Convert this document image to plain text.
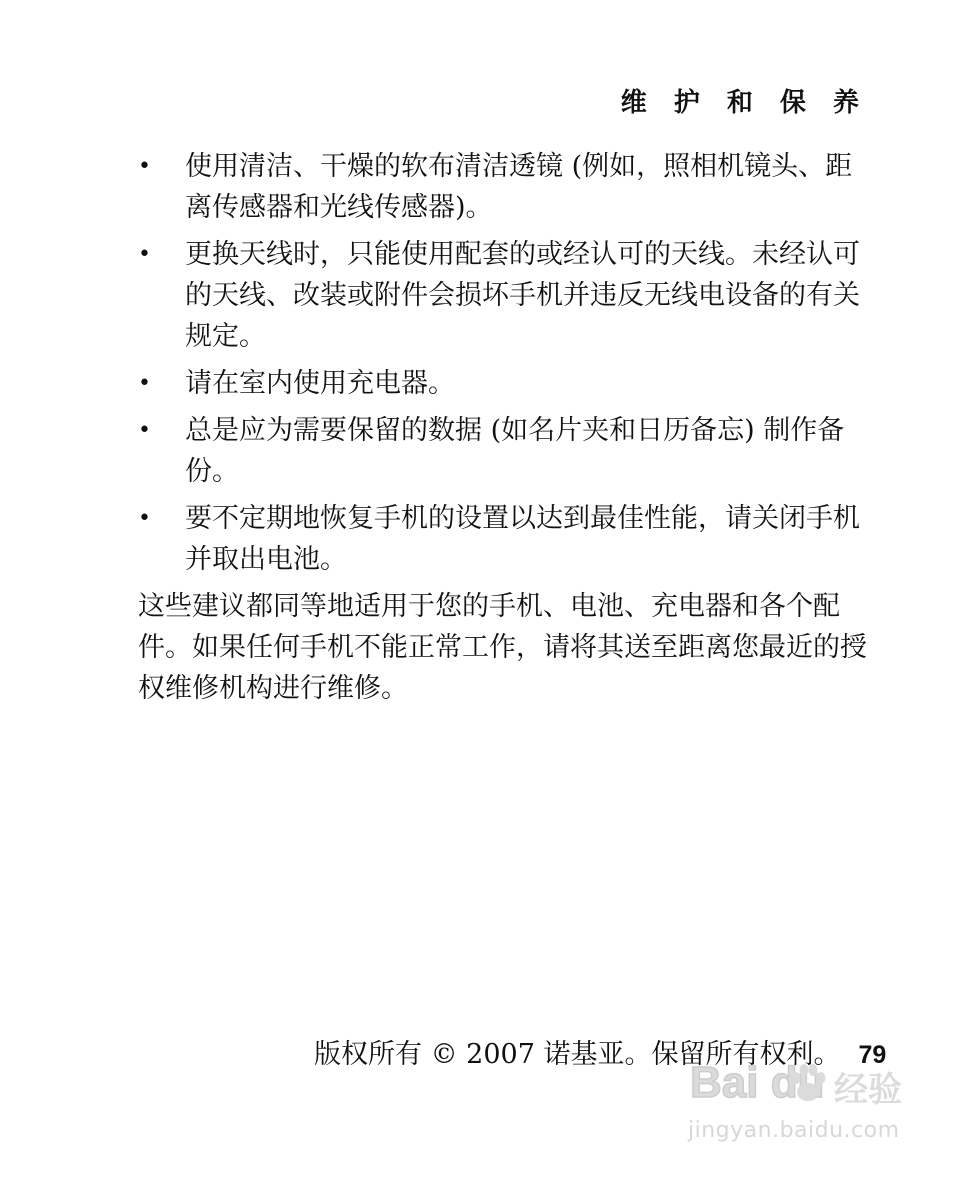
维 护 和 保 养
• 使用清洁、干燥的软布清洁透镜 (例如，照相机镜头、距离传感器和光线传感器)。
• 更换天线时，只能使用配套的或经认可的天线。未经认可的天线、改装或附件会损坏手机并违反无线电设备的有关规定。
• 请在室内使用充电器。
• 总是应为需要保留的数据 (如名片夹和日历备忘) 制作备份。
• 要不定期地恢复手机的设置以达到最佳性能，请关闭手机并取出电池。

这些建议都同等地适用于您的手机、电池、充电器和各个配件。如果任何手机不能正常工作，请将其送至距离您最近的授权维修机构进行维修。

版权所有 © 2007 诺基亚。保留所有权利。 79
Bai du 经验
jingyan.baidu.com
